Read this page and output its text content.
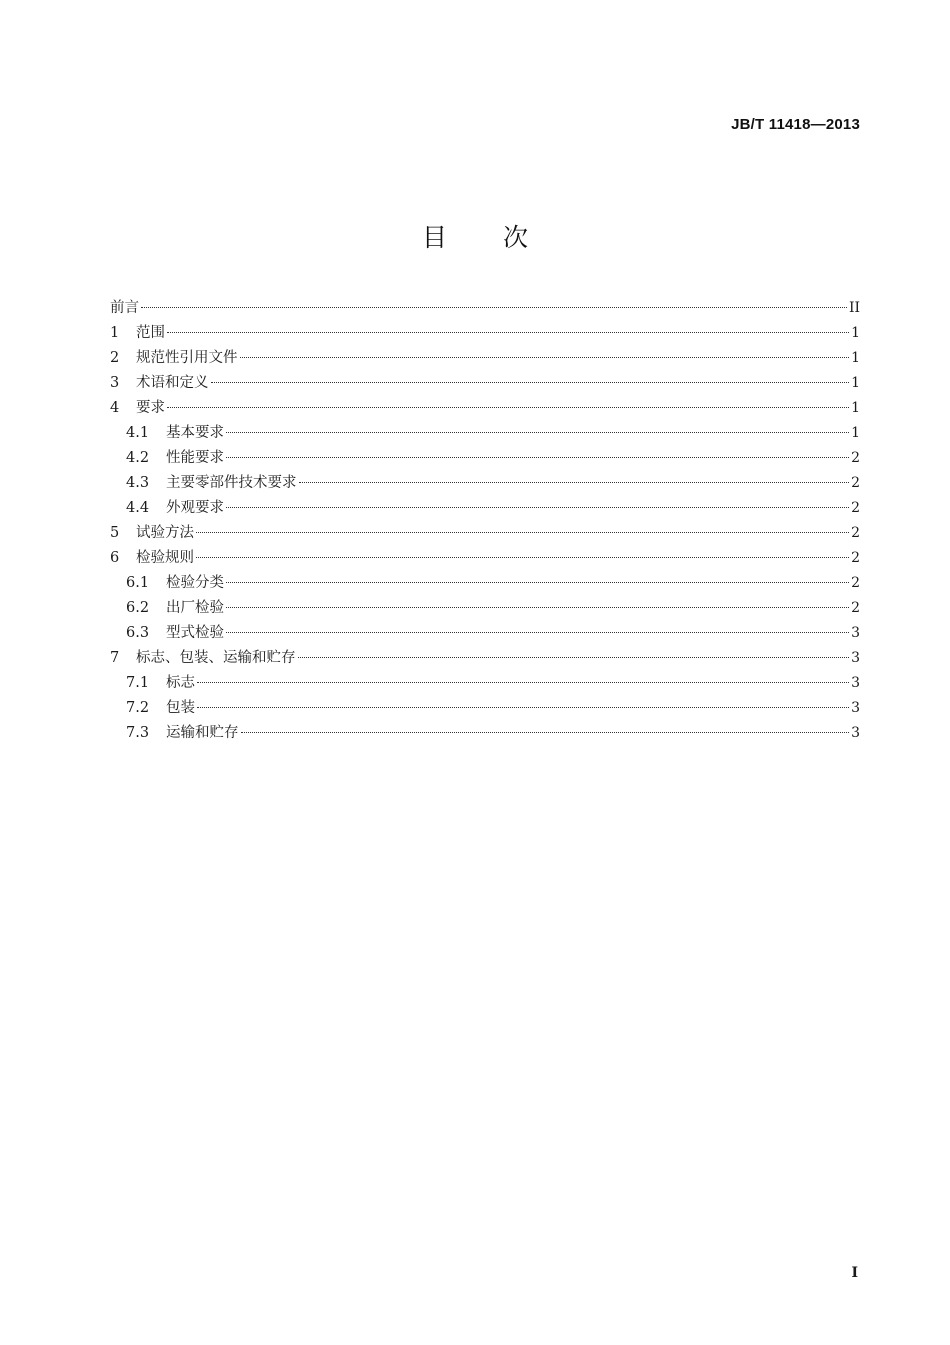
JB/T 11418—2013
目次
前言	II
1	范围	1
2	规范性引用文件	1
3	术语和定义	1
4	要求	1
4.1	基本要求	1
4.2	性能要求	2
4.3	主要零部件技术要求	2
4.4	外观要求	2
5	试验方法	2
6	检验规则	2
6.1	检验分类	2
6.2	出厂检验	2
6.3	型式检验	3
7	标志、包装、运输和贮存	3
7.1	标志	3
7.2	包装	3
7.3	运输和贮存	3
I
